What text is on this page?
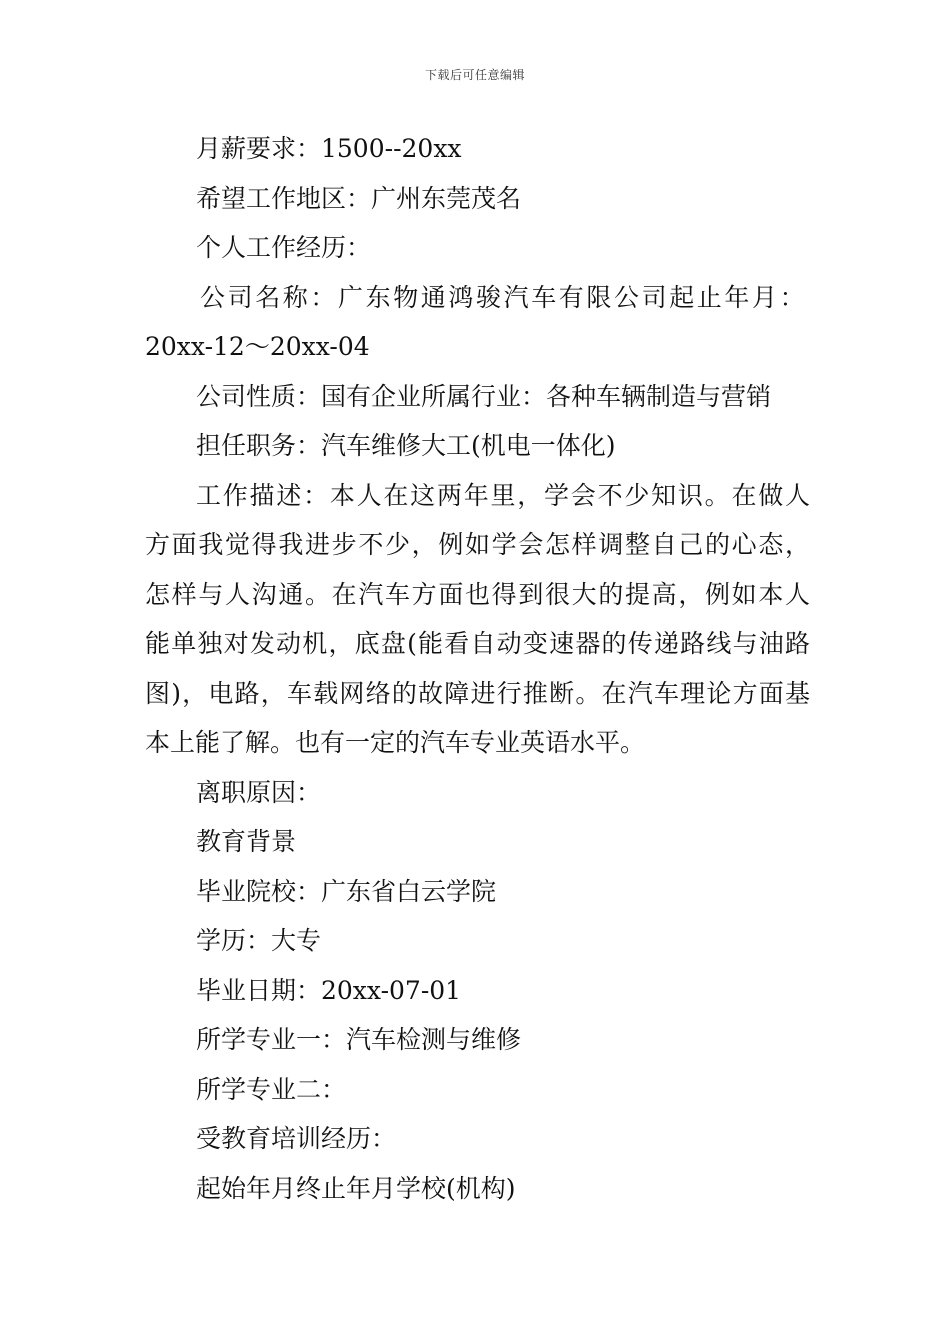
下载后可任意编辑
月薪要求：1500--20xx
希望工作地区：广州东莞茂名
个人工作经历：
公司名称：广东物通鸿骏汽车有限公司起止年月：
20xx-12～20xx-04
公司性质：国有企业所属行业：各种车辆制造与营销
担任职务：汽车维修大工(机电一体化)
工作描述：本人在这两年里，学会不少知识。在做人
方面我觉得我进步不少，例如学会怎样调整自己的心态，
怎样与人沟通。在汽车方面也得到很大的提高，例如本人
能单独对发动机，底盘(能看自动变速器的传递路线与油路
图)，电路，车载网络的故障进行推断。在汽车理论方面基
本上能了解。也有一定的汽车专业英语水平。
离职原因：
教育背景
毕业院校：广东省白云学院
学历：大专
毕业日期：20xx-07-01
所学专业一：汽车检测与维修
所学专业二：
受教育培训经历：
起始年月终止年月学校(机构)
